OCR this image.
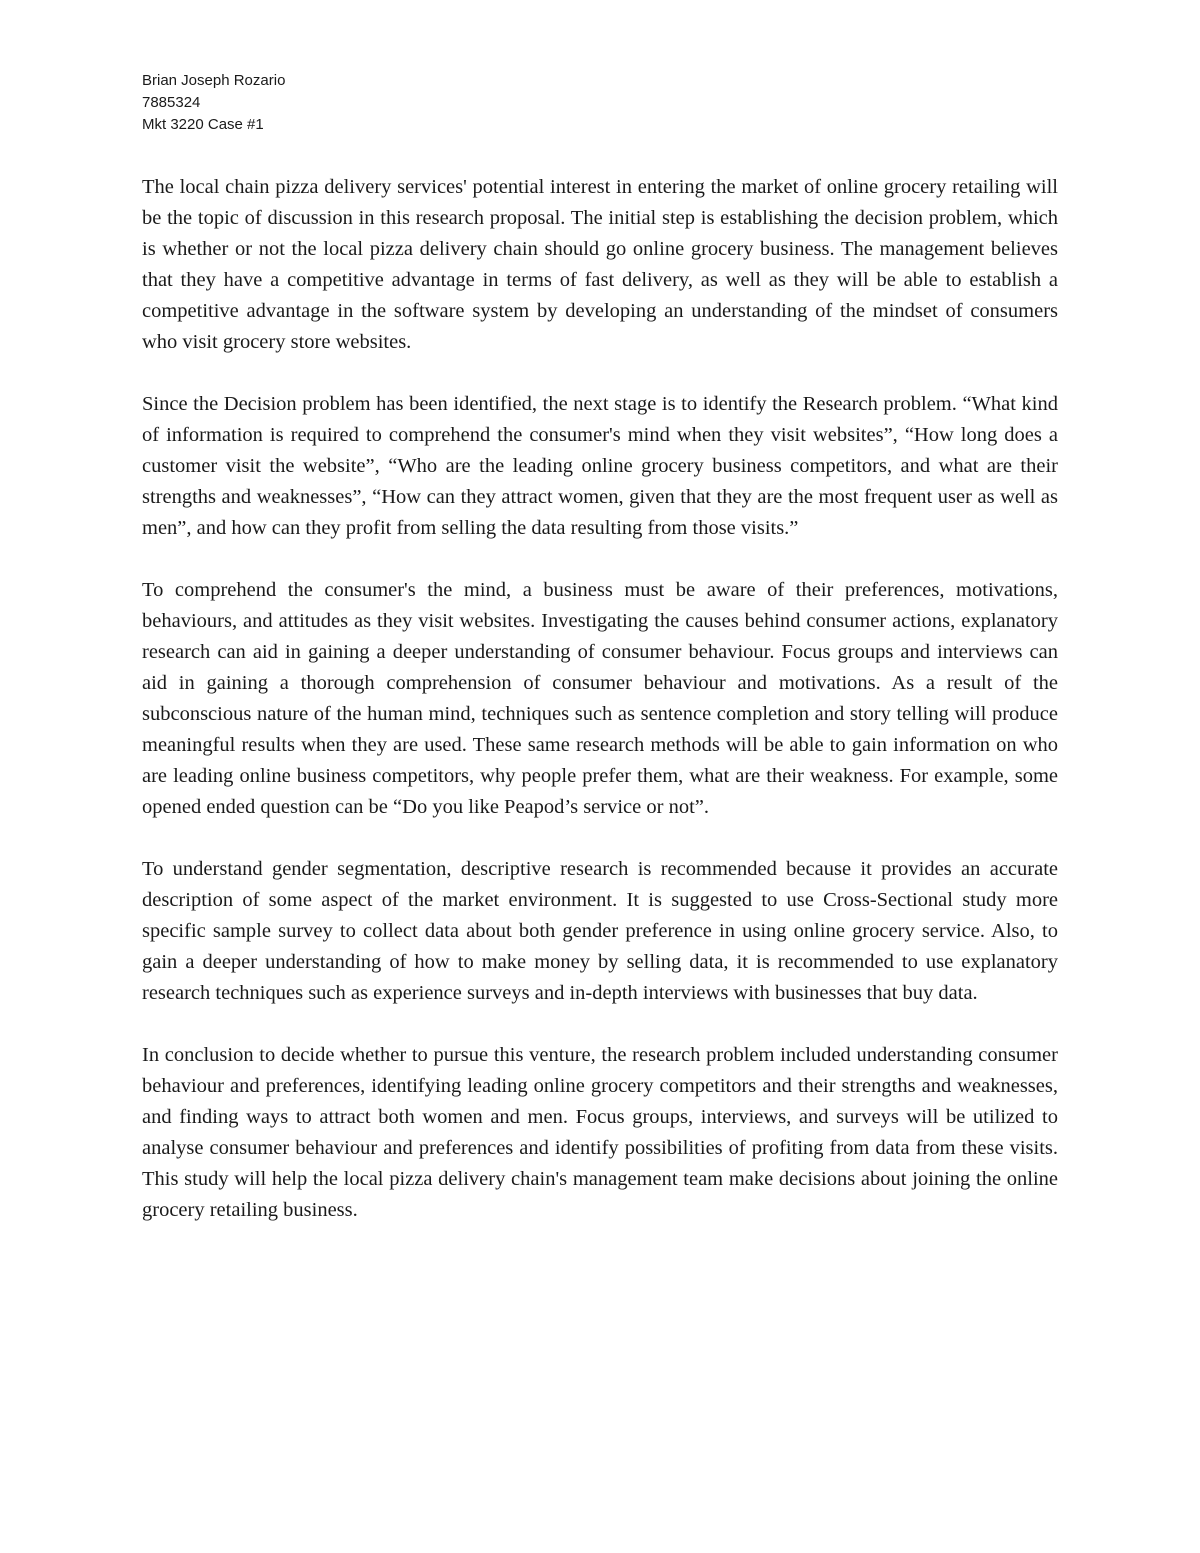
Brian Joseph Rozario
7885324
Mkt 3220 Case #1

The local chain pizza delivery services' potential interest in entering the market of online grocery retailing will be the topic of discussion in this research proposal. The initial step is establishing the decision problem, which is whether or not the local pizza delivery chain should go online grocery business. The management believes that they have a competitive advantage in terms of fast delivery, as well as they will be able to establish a competitive advantage in the software system by developing an understanding of the mindset of consumers who visit grocery store websites.

Since the Decision problem has been identified, the next stage is to identify the Research problem. “What kind of information is required to comprehend the consumer's mind when they visit websites”, “How long does a customer visit the website”, “Who are the leading online grocery business competitors, and what are their strengths and weaknesses”, “How can they attract women, given that they are the most frequent user as well as men”, and how can they profit from selling the data resulting from those visits.”

To comprehend the consumer's the mind, a business must be aware of their preferences, motivations, behaviours, and attitudes as they visit websites. Investigating the causes behind consumer actions, explanatory research can aid in gaining a deeper understanding of consumer behaviour. Focus groups and interviews can aid in gaining a thorough comprehension of consumer behaviour and motivations. As a result of the subconscious nature of the human mind, techniques such as sentence completion and story telling will produce meaningful results when they are used. These same research methods will be able to gain information on who are leading online business competitors, why people prefer them, what are their weakness. For example, some opened ended question can be “Do you like Peapod’s service or not”.

To understand gender segmentation, descriptive research is recommended because it provides an accurate description of some aspect of the market environment. It is suggested to use Cross-Sectional study more specific sample survey to collect data about both gender preference in using online grocery service. Also, to gain a deeper understanding of how to make money by selling data, it is recommended to use explanatory research techniques such as experience surveys and in-depth interviews with businesses that buy data.

In conclusion to decide whether to pursue this venture, the research problem included understanding consumer behaviour and preferences, identifying leading online grocery competitors and their strengths and weaknesses, and finding ways to attract both women and men. Focus groups, interviews, and surveys will be utilized to analyse consumer behaviour and preferences and identify possibilities of profiting from data from these visits. This study will help the local pizza delivery chain's management team make decisions about joining the online grocery retailing business.
